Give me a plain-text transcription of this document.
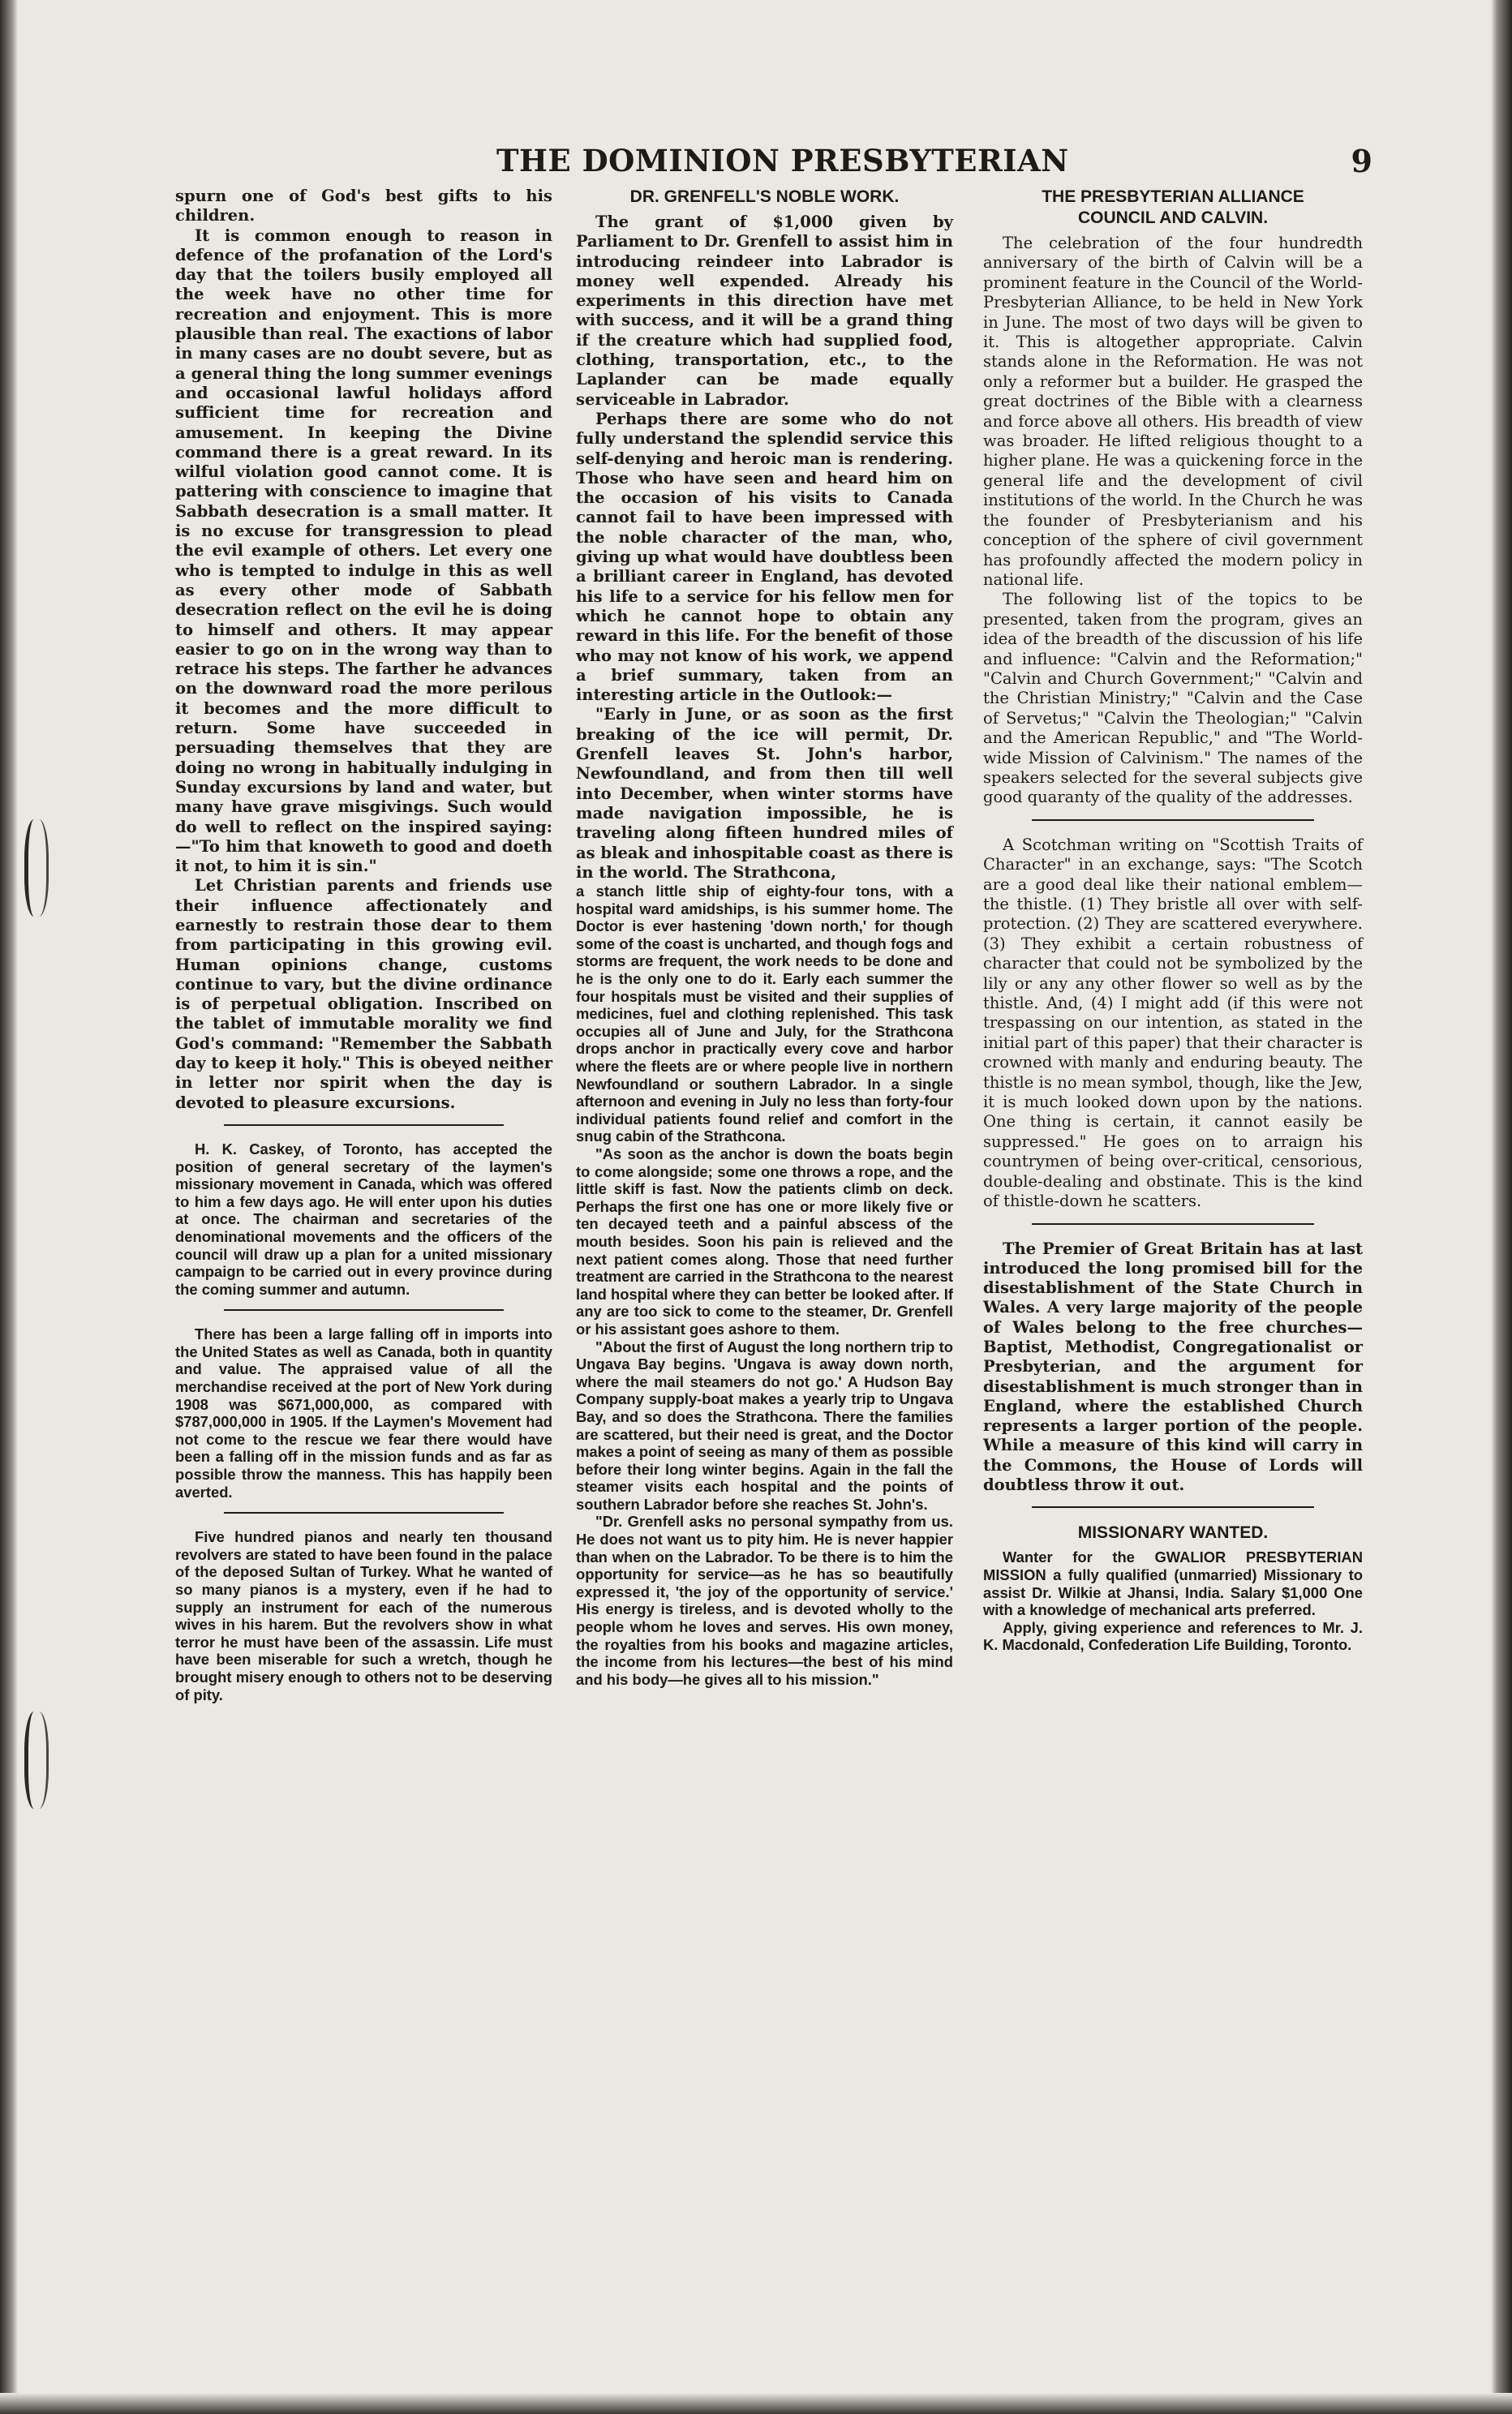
THE DOMINION PRESBYTERIAN	9

spurn one of God's best gifts to his children.

It is common enough to reason in defence of the profanation of the Lord's day that the toilers busily employed all the week have no other time for recreation and enjoyment. This is more plausible than real. The exactions of labor in many cases are no doubt severe, but as a general thing the long summer evenings and occasional lawful holidays afford sufficient time for recreation and amusement. In keeping the Divine command there is a great reward. In its wilful violation good cannot come. It is pattering with conscience to imagine that Sabbath desecration is a small matter. It is no excuse for transgression to plead the evil example of others. Let every one who is tempted to indulge in this as well as every other mode of Sabbath desecration reflect on the evil he is doing to himself and others. It may appear easier to go on in the wrong way than to retrace his steps. The farther he advances on the downward road the more perilous it becomes and the more difficult to return. Some have succeeded in persuading themselves that they are doing no wrong in habitually indulging in Sunday excursions by land and water, but many have grave misgivings. Such would do well to reflect on the inspired saying:—"To him that knoweth to good and doeth it not, to him it is sin."

Let Christian parents and friends use their influence affectionately and earnestly to restrain those dear to them from participating in this growing evil. Human opinions change, customs continue to vary, but the divine ordinance is of perpetual obligation. Inscribed on the tablet of immutable morality we find God's command: "Remember the Sabbath day to keep it holy." This is obeyed neither in letter nor spirit when the day is devoted to pleasure excursions.

H. K. Caskey, of Toronto, has accepted the position of general secretary of the laymen's missionary movement in Canada, which was offered to him a few days ago. He will enter upon his duties at once. The chairman and secretaries of the denominational movements and the officers of the council will draw up a plan for a united missionary campaign to be carried out in every province during the coming summer and autumn.

There has been a large falling off in imports into the United States as well as Canada, both in quantity and value. The appraised value of all the merchandise received at the port of New York during 1908 was $671,000,000, as compared with $787,000,000 in 1905. If the Laymen's Movement had not come to the rescue we fear there would have been a falling off in the mission funds and as far as possible throw the manness. This has happily been averted.

Five hundred pianos and nearly ten thousand revolvers are stated to have been found in the palace of the deposed Sultan of Turkey. What he wanted of so many pianos is a mystery, even if he had to supply an instrument for each of the numerous wives in his harem. But the revolvers show in what terror he must have been of the assassin. Life must have been miserable for such a wretch, though he brought misery enough to others not to be deserving of pity.

DR. GRENFELL'S NOBLE WORK.

The grant of $1,000 given by Parliament to Dr. Grenfell to assist him in introducing reindeer into Labrador is money well expended. Already his experiments in this direction have met with success, and it will be a grand thing if the creature which had supplied food, clothing, transportation, etc., to the Laplander can be made equally serviceable in Labrador.

Perhaps there are some who do not fully understand the splendid service this self-denying and heroic man is rendering. Those who have seen and heard him on the occasion of his visits to Canada cannot fail to have been impressed with the noble character of the man, who, giving up what would have doubtless been a brilliant career in England, has devoted his life to a service for his fellow men for which he cannot hope to obtain any reward in this life. For the benefit of those who may not know of his work, we append a brief summary, taken from an interesting article in the Outlook:—

"Early in June, or as soon as the first breaking of the ice will permit, Dr. Grenfell leaves St. John's harbor, Newfoundland, and from then till well into December, when winter storms have made navigation impossible, he is traveling along fifteen hundred miles of as bleak and inhospitable coast as there is in the world. The Strathcona,

a stanch little ship of eighty-four tons, with a hospital ward amidships, is his summer home. The Doctor is ever hastening 'down north,' for though some of the coast is uncharted, and though fogs and storms are frequent, the work needs to be done and he is the only one to do it. Early each summer the four hospitals must be visited and their supplies of medicines, fuel and clothing replenished. This task occupies all of June and July, for the Strathcona drops anchor in practically every cove and harbor where the fleets are or where people live in northern Newfoundland or southern Labrador. In a single afternoon and evening in July no less than forty-four individual patients found relief and comfort in the snug cabin of the Strathcona.

"As soon as the anchor is down the boats begin to come alongside; some one throws a rope, and the little skiff is fast. Now the patients climb on deck. Perhaps the first one has one or more likely five or ten decayed teeth and a painful abscess of the mouth besides. Soon his pain is relieved and the next patient comes along. Those that need further treatment are carried in the Strathcona to the nearest land hospital where they can better be looked after. If any are too sick to come to the steamer, Dr. Grenfell or his assistant goes ashore to them.

"About the first of August the long northern trip to Ungava Bay begins. 'Ungava is away down north, where the mail steamers do not go.' A Hudson Bay Company supply-boat makes a yearly trip to Ungava Bay, and so does the Strathcona. There the families are scattered, but their need is great, and the Doctor makes a point of seeing as many of them as possible before their long winter begins. Again in the fall the steamer visits each hospital and the points of southern Labrador before she reaches St. John's.

"Dr. Grenfell asks no personal sympathy from us. He does not want us to pity him. He is never happier than when on the Labrador. To be there is to him the opportunity for service—as he has so beautifully expressed it, 'the joy of the opportunity of service.' His energy is tireless, and is devoted wholly to the people whom he loves and serves. His own money, the royalties from his books and magazine articles, the income from his lectures—the best of his mind and his body—he gives all to his mission."

THE PRESBYTERIAN ALLIANCE
COUNCIL AND CALVIN.

The celebration of the four hundredth anniversary of the birth of Calvin will be a prominent feature in the Council of the World-Presbyterian Alliance, to be held in New York in June. The most of two days will be given to it. This is altogether appropriate. Calvin stands alone in the Reformation. He was not only a reformer but a builder. He grasped the great doctrines of the Bible with a clearness and force above all others. His breadth of view was broader. He lifted religious thought to a higher plane. He was a quickening force in the general life and the development of civil institutions of the world. In the Church he was the founder of Presbyterianism and his conception of the sphere of civil government has profoundly affected the modern policy in national life.

The following list of the topics to be presented, taken from the program, gives an idea of the breadth of the discussion of his life and influence: "Calvin and the Reformation;" "Calvin and Church Government;" "Calvin and the Christian Ministry;" "Calvin and the Case of Servetus;" "Calvin the Theologian;" "Calvin and the American Republic," and "The World-wide Mission of Calvinism." The names of the speakers selected for the several subjects give good quaranty of the quality of the addresses.

A Scotchman writing on "Scottish Traits of Character" in an exchange, says: "The Scotch are a good deal like their national emblem—the thistle. (1) They bristle all over with self-protection. (2) They are scattered everywhere. (3) They exhibit a certain robustness of character that could not be symbolized by the lily or any any other flower so well as by the thistle. And, (4) I might add (if this were not trespassing on our intention, as stated in the initial part of this paper) that their character is crowned with manly and enduring beauty. The thistle is no mean symbol, though, like the Jew, it is much looked down upon by the nations. One thing is certain, it cannot easily be suppressed." He goes on to arraign his countrymen of being over-critical, censorious, double-dealing and obstinate. This is the kind of thistle-down he scatters.

The Premier of Great Britain has at last introduced the long promised bill for the disestablishment of the State Church in Wales. A very large majority of the people of Wales belong to the free churches—Baptist, Methodist, Congregationalist or Presbyterian, and the argument for disestablishment is much stronger than in England, where the established Church represents a larger portion of the people. While a measure of this kind will carry in the Commons, the House of Lords will doubtless throw it out.

MISSIONARY WANTED.

Wanter for the GWALIOR PRESBYTERIAN MISSION a fully qualified (unmarried) Missionary to assist Dr. Wilkie at Jhansi, India. Salary $1,000 One with a knowledge of mechanical arts preferred.

Apply, giving experience and references to Mr. J. K. Macdonald, Confederation Life Building, Toronto.
